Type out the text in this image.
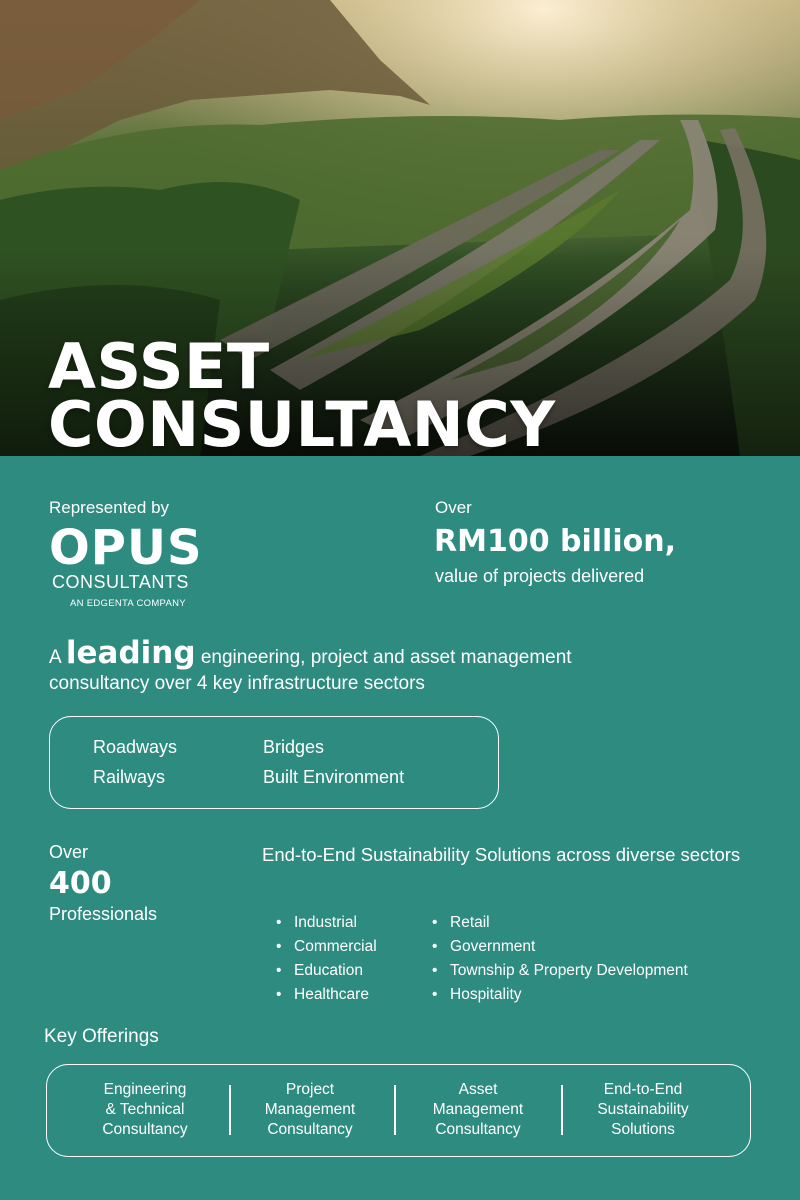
ASSET
CONSULTANCY
Represented by
OPUS
CONSULTANTS
AN EDGENTA COMPANY
Over
RM100 billion,
value of projects delivered
A leading engineering, project and asset management
consultancy over 4 key infrastructure sectors
Roadways	Bridges
Railways	Built Environment
Over
400
Professionals
End-to-End Sustainability Solutions across diverse sectors
• Industrial
• Commercial
• Education
• Healthcare
• Retail
• Government
• Township & Property Development
• Hospitality
Key Offerings
Engineering
& Technical
Consultancy
Project
Management
Consultancy
Asset
Management
Consultancy
End-to-End
Sustainability
Solutions
